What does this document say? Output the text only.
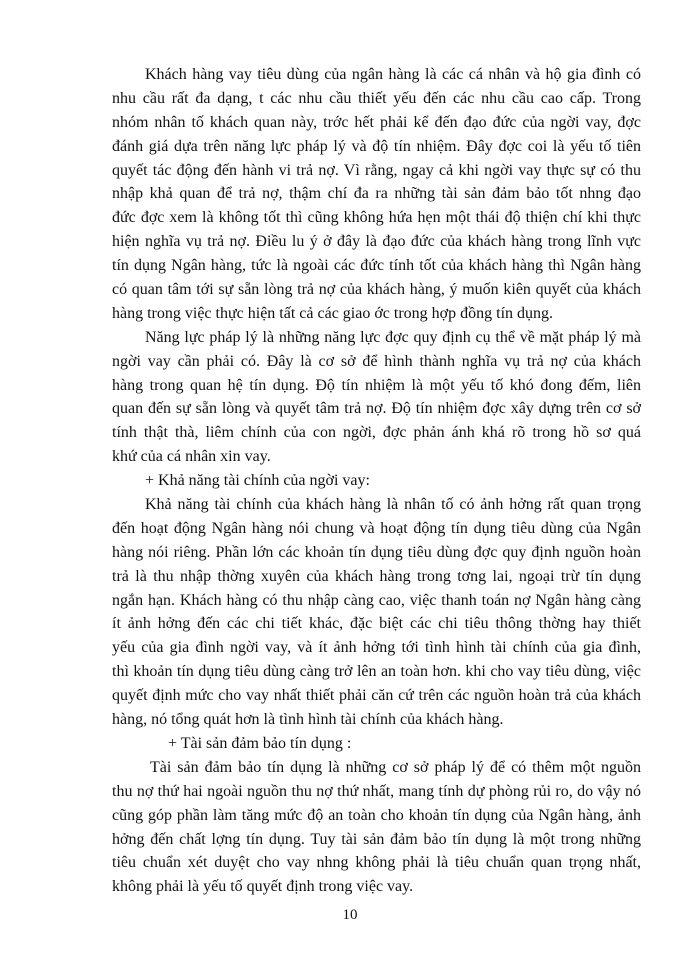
Khách hàng vay tiêu dùng của ngân hàng là các cá nhân và hộ gia đình có
nhu cầu rất đa dạng, t các nhu cầu thiết yếu đến các nhu cầu cao cấp. Trong
nhóm nhân tố khách quan này, trớc hết phải kể đến đạo đức của ngời vay, đợc
đánh giá dựa trên năng lực pháp lý và độ tín nhiệm. Đây đợc coi là yếu tố tiên
quyết tác động đến hành vi trả nợ. Vì rằng, ngay cả khi ngời vay thực sự có thu
nhập khả quan để trả nợ, thậm chí đa ra những tài sản đảm bảo tốt nhng đạo
đức đợc xem là không tốt thì cũng không hứa hẹn một thái độ thiện chí khi thực
hiện nghĩa vụ trả nợ. Điều lu ý ở đây là đạo đức của khách hàng trong lĩnh vực
tín dụng Ngân hàng, tức là ngoài các đức tính tốt của khách hàng thì Ngân hàng
có quan tâm tới sự sẵn lòng trả nợ của khách hàng, ý muốn kiên quyết của khách
hàng trong việc thực hiện tất cả các giao ớc trong hợp đồng tín dụng.
Năng lực pháp lý là những năng lực đợc quy định cụ thể về mặt pháp lý mà
ngời vay cần phải có. Đây là cơ sở để hình thành nghĩa vụ trả nợ của khách
hàng trong quan hệ tín dụng. Độ tín nhiệm là một yếu tố khó đong đếm, liên
quan đến sự sẵn lòng và quyết tâm trả nợ. Độ tín nhiệm đợc xây dựng trên cơ sở
tính thật thà, liêm chính của con ngời, đợc phản ánh khá rõ trong hồ sơ quá
khứ của cá nhân xin vay.
+ Khả năng tài chính của ngời vay:
Khả năng tài chính của khách hàng là nhân tố có ảnh hởng rất quan trọng
đến hoạt động Ngân hàng nói chung và hoạt động tín dụng tiêu dùng của Ngân
hàng nói riêng. Phần lớn các khoản tín dụng tiêu dùng đợc quy định nguồn hoàn
trả là thu nhập thờng xuyên của khách hàng trong tơng lai, ngoại trừ tín dụng
ngắn hạn. Khách hàng có thu nhập càng cao, việc thanh toán nợ Ngân hàng càng
ít ảnh hởng đến các chi tiết khác, đặc biệt các chi tiêu thông thờng hay thiết
yếu của gia đình ngời vay, và ít ảnh hởng tới tình hình tài chính của gia đình,
thì khoản tín dụng tiêu dùng càng trở lên an toàn hơn. khi cho vay tiêu dùng, việc
quyết định mức cho vay nhất thiết phải căn cứ trên các nguồn hoàn trả của khách
hàng, nó tổng quát hơn là tình hình tài chính của khách hàng.
+ Tài sản đảm bảo tín dụng :
Tài sản đảm bảo tín dụng là những cơ sở pháp lý để có thêm một nguồn
thu nợ thứ hai ngoài nguồn thu nợ thứ nhất, mang tính dự phòng rủi ro, do vậy nó
cũng góp phần làm tăng mức độ an toàn cho khoản tín dụng của Ngân hàng, ảnh
hởng đến chất lợng tín dụng. Tuy tài sản đảm bảo tín dụng là một trong những
tiêu chuẩn xét duyệt cho vay nhng không phải là tiêu chuẩn quan trọng nhất,
không phải là yếu tố quyết định trong việc vay.
10
